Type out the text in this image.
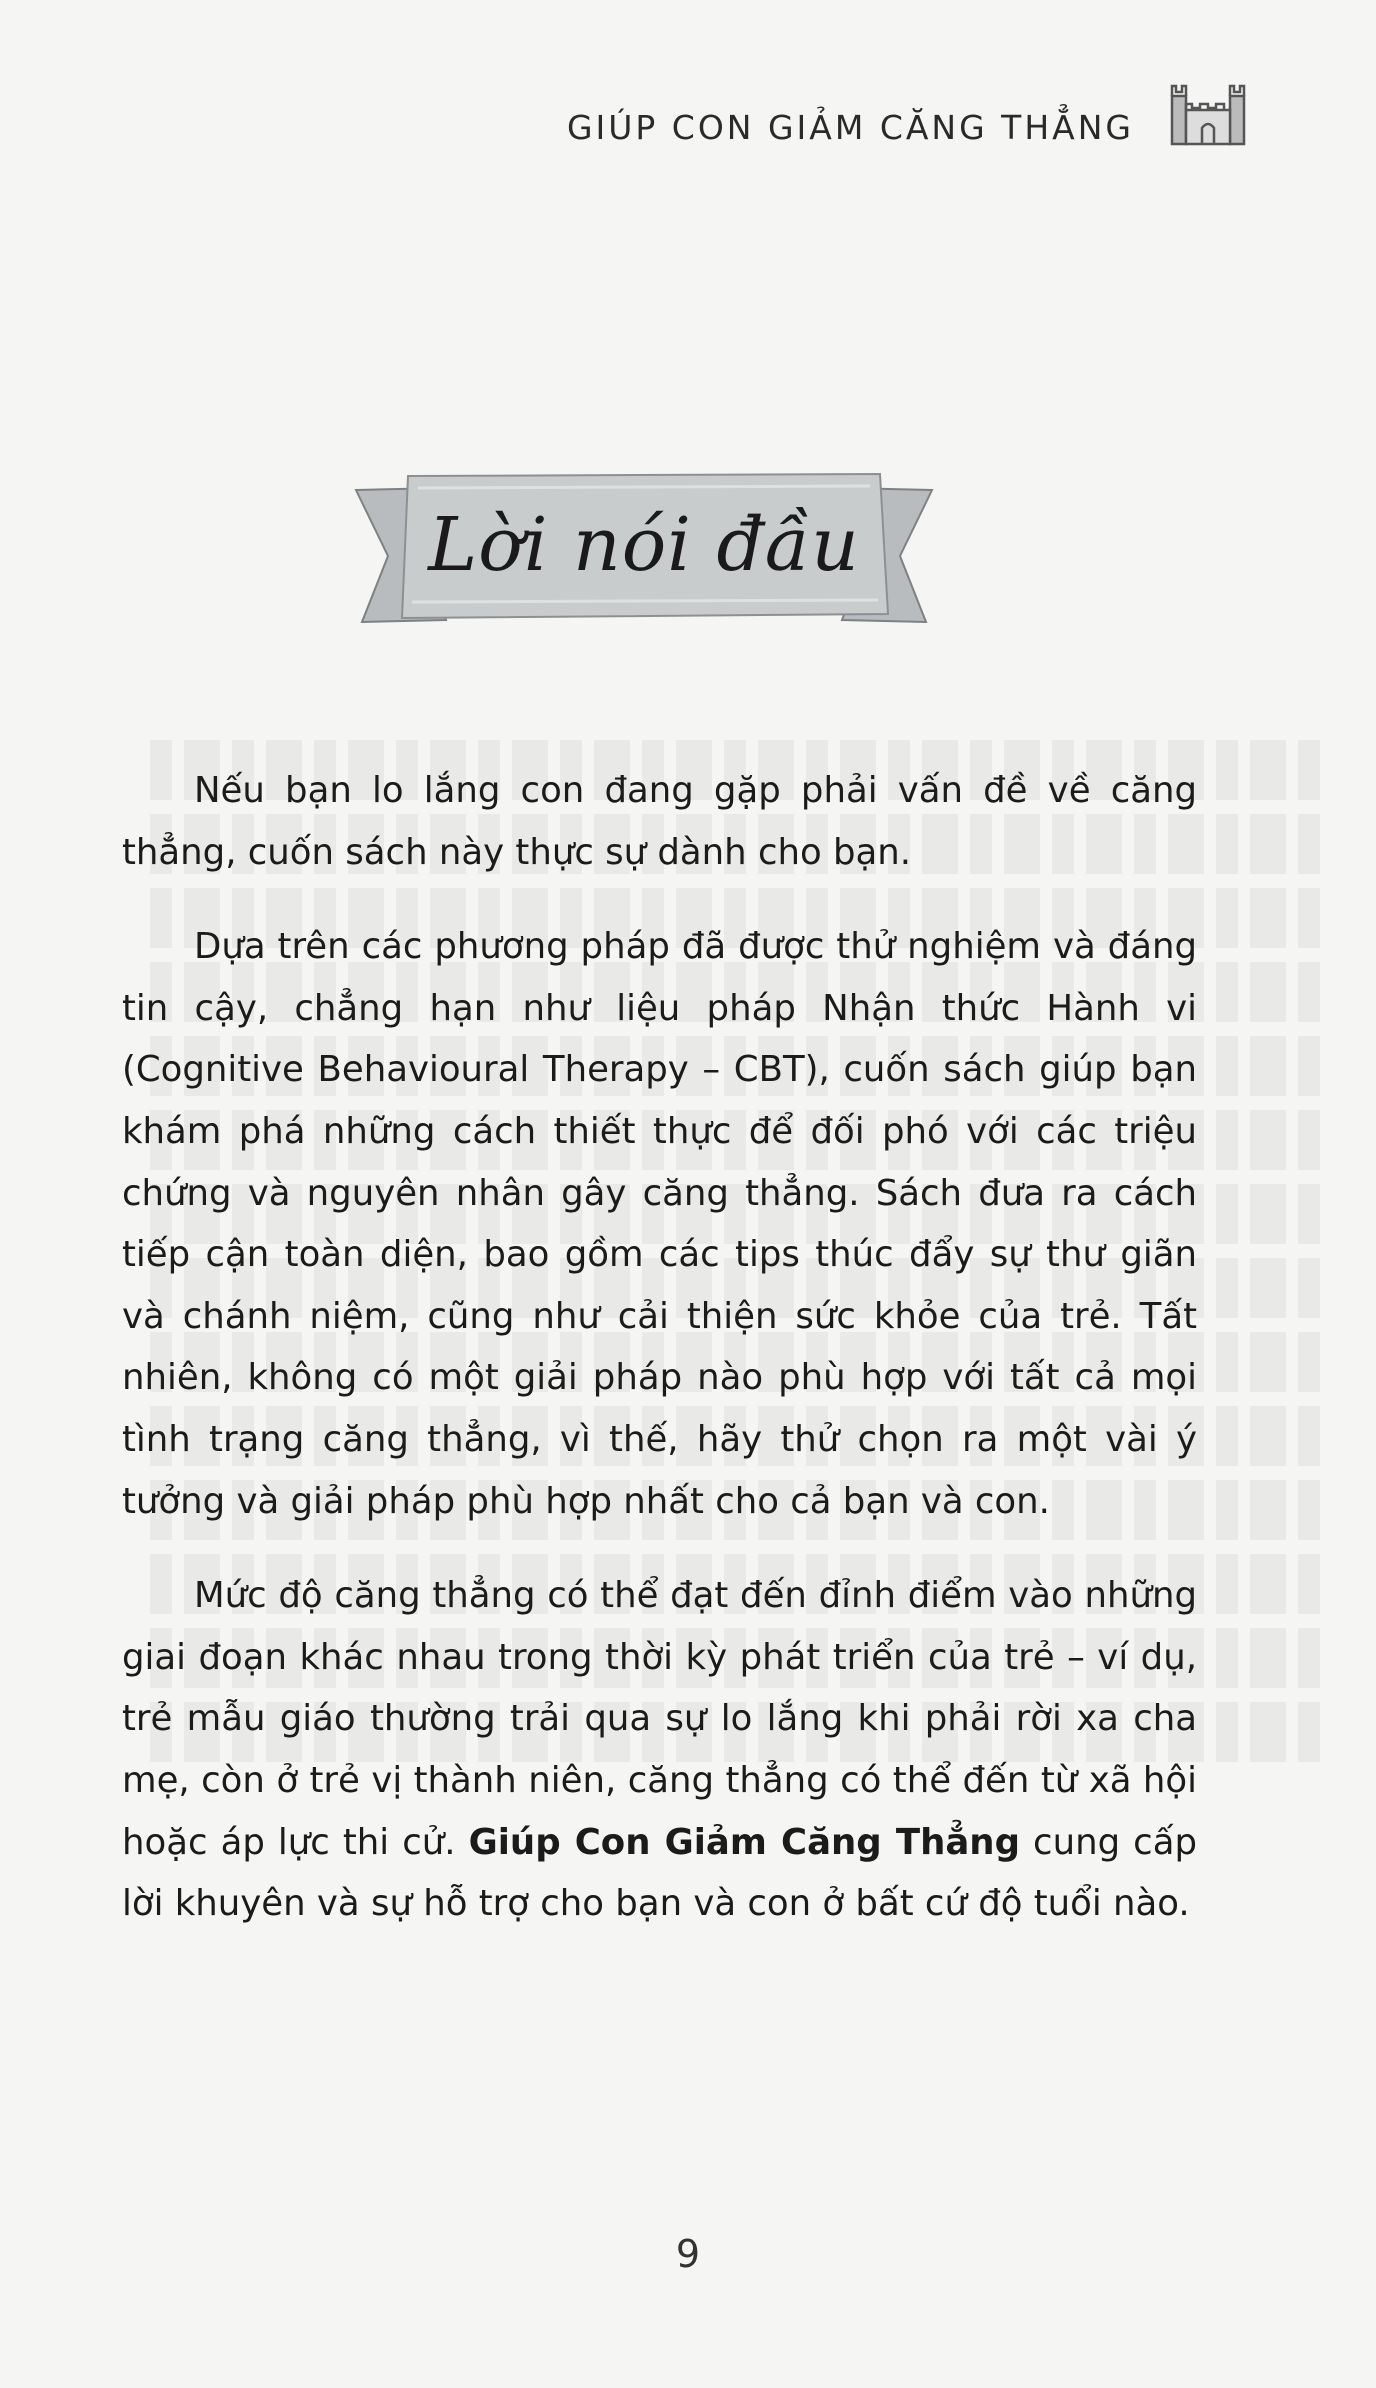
GIÚP CON GIẢM CĂNG THẲNG
Lời nói đầu

Nếu bạn lo lắng con đang gặp phải vấn đề về căng thẳng, cuốn sách này thực sự dành cho bạn.

Dựa trên các phương pháp đã được thử nghiệm và đáng tin cậy, chẳng hạn như liệu pháp Nhận thức Hành vi (Cognitive Behavioural Therapy – CBT), cuốn sách giúp bạn khám phá những cách thiết thực để đối phó với các triệu chứng và nguyên nhân gây căng thẳng. Sách đưa ra cách tiếp cận toàn diện, bao gồm các tips thúc đẩy sự thư giãn và chánh niệm, cũng như cải thiện sức khỏe của trẻ. Tất nhiên, không có một giải pháp nào phù hợp với tất cả mọi tình trạng căng thẳng, vì thế, hãy thử chọn ra một vài ý tưởng và giải pháp phù hợp nhất cho cả bạn và con.

Mức độ căng thẳng có thể đạt đến đỉnh điểm vào những giai đoạn khác nhau trong thời kỳ phát triển của trẻ – ví dụ, trẻ mẫu giáo thường trải qua sự lo lắng khi phải rời xa cha mẹ, còn ở trẻ vị thành niên, căng thẳng có thể đến từ xã hội hoặc áp lực thi cử. Giúp Con Giảm Căng Thẳng cung cấp lời khuyên và sự hỗ trợ cho bạn và con ở bất cứ độ tuổi nào.

9
